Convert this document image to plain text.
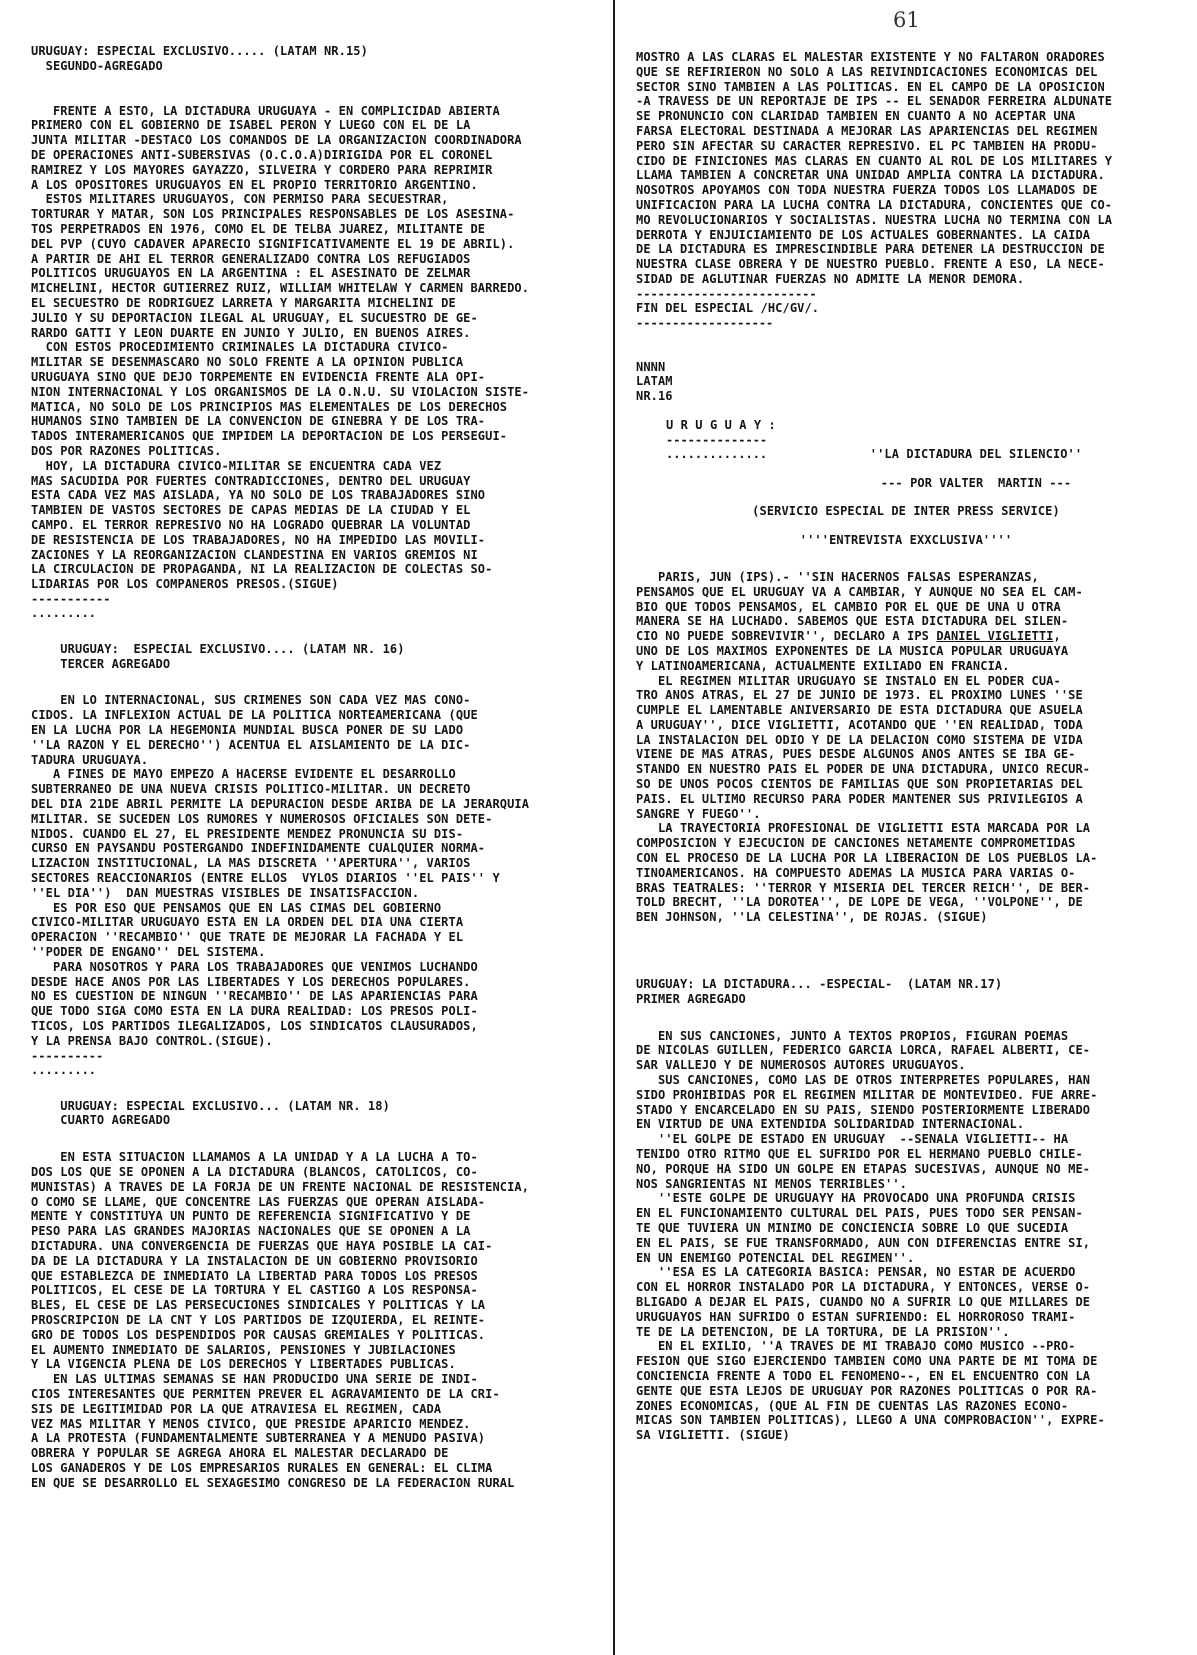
61

URUGUAY: ESPECIAL EXCLUSIVO..... (LATAM NR.15)

SEGUNDO-AGREGADO

FRENTE A ESTO, LA DICTADURA URUGUAYA - EN COMPLICIDAD ABIERTA

PRIMERO CON EL GOBIERNO DE ISABEL PERON Y LUEGO CON EL DE LA

JUNTA MILITAR -DESTACO LOS COMANDOS DE LA ORGANIZACION COORDINADORA

DE OPERACIONES ANTI-SUBERSIVAS (O.C.O.A)DIRIGIDA POR EL CORONEL

RAMIREZ Y LOS MAYORES GAYAZZO, SILVEIRA Y CORDERO PARA REPRIMIR

A LOS OPOSITORES URUGUAYOS EN EL PROPIO TERRITORIO ARGENTINO.

ESTOS MILITARES URUGUAYOS, CON PERMISO PARA SECUESTRAR,

TORTURAR Y MATAR, SON LOS PRINCIPALES RESPONSABLES DE LOS ASESINA-

TOS PERPETRADOS EN 1976, COMO EL DE TELBA JUAREZ, MILITANTE DE

DEL PVP (CUYO CADAVER APARECIO SIGNIFICATIVAMENTE EL 19 DE ABRIL).

A PARTIR DE AHI EL TERROR GENERALIZADO CONTRA LOS REFUGIADOS

POLITICOS URUGUAYOS EN LA ARGENTINA : EL ASESINATO DE ZELMAR

MICHELINI, HECTOR GUTIERREZ RUIZ, WILLIAM WHITELAW Y CARMEN BARREDO.

EL SECUESTRO DE RODRIGUEZ LARRETA Y MARGARITA MICHELINI DE

JULIO Y SU DEPORTACION ILEGAL AL URUGUAY, EL SUCUESTRO DE GE-

RARDO GATTI Y LEON DUARTE EN JUNIO Y JULIO, EN BUENOS AIRES.

CON ESTOS PROCEDIMIENTO CRIMINALES LA DICTADURA CIVICO-

MILITAR SE DESENMASCARO NO SOLO FRENTE A LA OPINION PUBLICA

URUGUAYA SINO QUE DEJO TORPEMENTE EN EVIDENCIA FRENTE ALA OPI-

NION INTERNACIONAL Y LOS ORGANISMOS DE LA O.N.U. SU VIOLACION SISTE-

MATICA, NO SOLO DE LOS PRINCIPIOS MAS ELEMENTALES DE LOS DERECHOS

HUMANOS SINO TAMBIEN DE LA CONVENCION DE GINEBRA Y DE LOS TRA-

TADOS INTERAMERICANOS QUE IMPIDEM LA DEPORTACION DE LOS PERSEGUI-

DOS POR RAZONES POLITICAS.

HOY, LA DICTADURA CIVICO-MILITAR SE ENCUENTRA CADA VEZ

MAS SACUDIDA POR FUERTES CONTRADICCIONES, DENTRO DEL URUGUAY

ESTA CADA VEZ MAS AISLADA, YA NO SOLO DE LOS TRABAJADORES SINO

TAMBIEN DE VASTOS SECTORES DE CAPAS MEDIAS DE LA CIUDAD Y EL

CAMPO. EL TERROR REPRESIVO NO HA LOGRADO QUEBRAR LA VOLUNTAD

DE RESISTENCIA DE LOS TRABAJADORES, NO HA IMPEDIDO LAS MOVILI-

ZACIONES Y LA REORGANIZACION CLANDESTINA EN VARIOS GREMIOS NI

LA CIRCULACION DE PROPAGANDA, NI LA REALIZACION DE COLECTAS SO-

LIDARIAS POR LOS COMPANEROS PRESOS.(SIGUE)

-----------
.........

URUGUAY:  ESPECIAL EXCLUSIVO.... (LATAM NR. 16)

TERCER AGREGADO

EN LO INTERNACIONAL, SUS CRIMENES SON CADA VEZ MAS CONO-

CIDOS. LA INFLEXION ACTUAL DE LA POLITICA NORTEAMERICANA (QUE

EN LA LUCHA POR LA HEGEMONIA MUNDIAL BUSCA PONER DE SU LADO

''LA RAZON Y EL DERECHO'') ACENTUA EL AISLAMIENTO DE LA DIC-

TADURA URUGUAYA.

A FINES DE MAYO EMPEZO A HACERSE EVIDENTE EL DESARROLLO

SUBTERRANEO DE UNA NUEVA CRISIS POLITICO-MILITAR. UN DECRETO

DEL DIA 21DE ABRIL PERMITE LA DEPURACION DESDE ARIBA DE LA JERARQUIA

MILITAR. SE SUCEDEN LOS RUMORES Y NUMEROSOS OFICIALES SON DETE-

NIDOS. CUANDO EL 27, EL PRESIDENTE MENDEZ PRONUNCIA SU DIS-

CURSO EN PAYSANDU POSTERGANDO INDEFINIDAMENTE CUALQUIER NORMA-

LIZACION INSTITUCIONAL, LA MAS DISCRETA ''APERTURA'', VARIOS

SECTORES REACCIONARIOS (ENTRE ELLOS  VYLOS DIARIOS ''EL PAIS'' Y

''EL DIA'')  DAN MUESTRAS VISIBLES DE INSATISFACCION.

ES POR ESO QUE PENSAMOS QUE EN LAS CIMAS DEL GOBIERNO

CIVICO-MILITAR URUGUAYO ESTA EN LA ORDEN DEL DIA UNA CIERTA

OPERACION ''RECAMBIO'' QUE TRATE DE MEJORAR LA FACHADA Y EL

''PODER DE ENGANO'' DEL SISTEMA.

PARA NOSOTROS Y PARA LOS TRABAJADORES QUE VENIMOS LUCHANDO

DESDE HACE ANOS POR LAS LIBERTADES Y LOS DERECHOS POPULARES.

NO ES CUESTION DE NINGUN ''RECAMBIO'' DE LAS APARIENCIAS PARA

QUE TODO SIGA COMO ESTA EN LA DURA REALIDAD: LOS PRESOS POLI-

TICOS, LOS PARTIDOS ILEGALIZADOS, LOS SINDICATOS CLAUSURADOS,

Y LA PRENSA BAJO CONTROL.(SIGUE).

----------
.........

URUGUAY: ESPECIAL EXCLUSIVO... (LATAM NR. 18)

CUARTO AGREGADO

EN ESTA SITUACION LLAMAMOS A LA UNIDAD Y A LA LUCHA A TO-

DOS LOS QUE SE OPONEN A LA DICTADURA (BLANCOS, CATOLICOS, CO-

MUNISTAS) A TRAVES DE LA FORJA DE UN FRENTE NACIONAL DE RESISTENCIA,

O COMO SE LLAME, QUE CONCENTRE LAS FUERZAS QUE OPERAN AISLADA-

MENTE Y CONSTITUYA UN PUNTO DE REFERENCIA SIGNIFICATIVO Y DE

PESO PARA LAS GRANDES MAJORIAS NACIONALES QUE SE OPONEN A LA

DICTADURA. UNA CONVERGENCIA DE FUERZAS QUE HAYA POSIBLE LA CAI-

DA DE LA DICTADURA Y LA INSTALACION DE UN GOBIERNO PROVISORIO

QUE ESTABLEZCA DE INMEDIATO LA LIBERTAD PARA TODOS LOS PRESOS

POLITICOS, EL CESE DE LA TORTURA Y EL CASTIGO A LOS RESPONSA-

BLES, EL CESE DE LAS PERSECUCIONES SINDICALES Y POLITICAS Y LA

PROSCRIPCION DE LA CNT Y LOS PARTIDOS DE IZQUIERDA, EL REINTE-

GRO DE TODOS LOS DESPENDIDOS POR CAUSAS GREMIALES Y POLITICAS.

EL AUMENTO INMEDIATO DE SALARIOS, PENSIONES Y JUBILACIONES

Y LA VIGENCIA PLENA DE LOS DERECHOS Y LIBERTADES PUBLICAS.

EN LAS ULTIMAS SEMANAS SE HAN PRODUCIDO UNA SERIE DE INDI-

CIOS INTERESANTES QUE PERMITEN PREVER EL AGRAVAMIENTO DE LA CRI-

SIS DE LEGITIMIDAD POR LA QUE ATRAVIESA EL REGIMEN, CADA

VEZ MAS MILITAR Y MENOS CIVICO, QUE PRESIDE APARICIO MENDEZ.

A LA PROTESTA (FUNDAMENTALMENTE SUBTERRANEA Y A MENUDO PASIVA)

OBRERA Y POPULAR SE AGREGA AHORA EL MALESTAR DECLARADO DE

LOS GANADEROS Y DE LOS EMPRESARIOS RURALES EN GENERAL: EL CLIMA

EN QUE SE DESARROLLO EL SEXAGESIMO CONGRESO DE LA FEDERACION RURAL

MOSTRO A LAS CLARAS EL MALESTAR EXISTENTE Y NO FALTARON ORADORES

QUE SE REFIRIERON NO SOLO A LAS REIVINDICACIONES ECONOMICAS DEL

SECTOR SINO TAMBIEN A LAS POLITICAS. EN EL CAMPO DE LA OPOSICION

-A TRAVESS DE UN REPORTAJE DE IPS -- EL SENADOR FERREIRA ALDUNATE

SE PRONUNCIO CON CLARIDAD TAMBIEN EN CUANTO A NO ACEPTAR UNA

FARSA ELECTORAL DESTINADA A MEJORAR LAS APARIENCIAS DEL REGIMEN

PERO SIN AFECTAR SU CARACTER REPRESIVO. EL PC TAMBIEN HA PRODU-

CIDO DE FINICIONES MAS CLARAS EN CUANTO AL ROL DE LOS MILITARES Y

LLAMA TAMBIEN A CONCRETAR UNA UNIDAD AMPLIA CONTRA LA DICTADURA.

NOSOTROS APOYAMOS CON TODA NUESTRA FUERZA TODOS LOS LLAMADOS DE

UNIFICACION PARA LA LUCHA CONTRA LA DICTADURA, CONCIENTES QUE CO-

MO REVOLUCIONARIOS Y SOCIALISTAS. NUESTRA LUCHA NO TERMINA CON LA

DERROTA Y ENJUICIAMIENTO DE LOS ACTUALES GOBERNANTES. LA CAIDA

DE LA DICTADURA ES IMPRESCINDIBLE PARA DETENER LA DESTRUCCION DE

NUESTRA CLASE OBRERA Y DE NUESTRO PUEBLO. FRENTE A ESO, LA NECE-

SIDAD DE AGLUTINAR FUERZAS NO ADMITE LA MENOR DEMORA.

-------------------------

FIN DEL ESPECIAL /HC/GV/.

-------------------

NNNN

LATAM

NR.16

U R U G U A Y :

--------------
..............	''LA DICTADURA DEL SILENCIO''

--- POR VALTER  MARTIN ---

(SERVICIO ESPECIAL DE INTER PRESS SERVICE)

''''ENTREVISTA EXXCLUSIVA''''

PARIS, JUN (IPS).- ''SIN HACERNOS FALSAS ESPERANZAS,

PENSAMOS QUE EL URUGUAY VA A CAMBIAR, Y AUNQUE NO SEA EL CAM-

BIO QUE TODOS PENSAMOS, EL CAMBIO POR EL QUE DE UNA U OTRA

MANERA SE HA LUCHADO. SABEMOS QUE ESTA DICTADURA DEL SILEN-

CIO NO PUEDE SOBREVIVIR'', DECLARO A IPS DANIEL VIGLIETTI,

UNO DE LOS MAXIMOS EXPONENTES DE LA MUSICA POPULAR URUGUAYA

Y LATINOAMERICANA, ACTUALMENTE EXILIADO EN FRANCIA.

EL REGIMEN MILITAR URUGUAYO SE INSTALO EN EL PODER CUA-

TRO ANOS ATRAS, EL 27 DE JUNIO DE 1973. EL PROXIMO LUNES ''SE

CUMPLE EL LAMENTABLE ANIVERSARIO DE ESTA DICTADURA QUE ASUELA

A URUGUAY'', DICE VIGLIETTI, ACOTANDO QUE ''EN REALIDAD, TODA

LA INSTALACION DEL ODIO Y DE LA DELACION COMO SISTEMA DE VIDA

VIENE DE MAS ATRAS, PUES DESDE ALGUNOS ANOS ANTES SE IBA GE-

STANDO EN NUESTRO PAIS EL PODER DE UNA DICTADURA, UNICO RECUR-

SO DE UNOS POCOS CIENTOS DE FAMILIAS QUE SON PROPIETARIAS DEL

PAIS. EL ULTIMO RECURSO PARA PODER MANTENER SUS PRIVILEGIOS A

SANGRE Y FUEGO''.

LA TRAYECTORIA PROFESIONAL DE VIGLIETTI ESTA MARCADA POR LA

COMPOSICION Y EJECUCION DE CANCIONES NETAMENTE COMPROMETIDAS

CON EL PROCESO DE LA LUCHA POR LA LIBERACION DE LOS PUEBLOS LA-

TINOAMERICANOS. HA COMPUESTO ADEMAS LA MUSICA PARA VARIAS O-

BRAS TEATRALES: ''TERROR Y MISERIA DEL TERCER REICH'', DE BER-

TOLD BRECHT, ''LA DOROTEA'', DE LOPE DE VEGA, ''VOLPONE'', DE

BEN JOHNSON, ''LA CELESTINA'', DE ROJAS. (SIGUE)

URUGUAY: LA DICTADURA... -ESPECIAL-  (LATAM NR.17)

PRIMER AGREGADO

EN SUS CANCIONES, JUNTO A TEXTOS PROPIOS, FIGURAN POEMAS

DE NICOLAS GUILLEN, FEDERICO GARCIA LORCA, RAFAEL ALBERTI, CE-

SAR VALLEJO Y DE NUMEROSOS AUTORES URUGUAYOS.

SUS CANCIONES, COMO LAS DE OTROS INTERPRETES POPULARES, HAN

SIDO PROHIBIDAS POR EL REGIMEN MILITAR DE MONTEVIDEO. FUE ARRE-

STADO Y ENCARCELADO EN SU PAIS, SIENDO POSTERIORMENTE LIBERADO

EN VIRTUD DE UNA EXTENDIDA SOLIDARIDAD INTERNACIONAL.

''EL GOLPE DE ESTADO EN URUGUAY  --SENALA VIGLIETTI-- HA

TENIDO OTRO RITMO QUE EL SUFRIDO POR EL HERMANO PUEBLO CHILE-

NO, PORQUE HA SIDO UN GOLPE EN ETAPAS SUCESIVAS, AUNQUE NO ME-

NOS SANGRIENTAS NI MENOS TERRIBLES''.

''ESTE GOLPE DE URUGUAYY HA PROVOCADO UNA PROFUNDA CRISIS

EN EL FUNCIONAMIENTO CULTURAL DEL PAIS, PUES TODO SER PENSAN-

TE QUE TUVIERA UN MINIMO DE CONCIENCIA SOBRE LO QUE SUCEDIA

EN EL PAIS, SE FUE TRANSFORMADO, AUN CON DIFERENCIAS ENTRE SI,

EN UN ENEMIGO POTENCIAL DEL REGIMEN''.

''ESA ES LA CATEGORIA BASICA: PENSAR, NO ESTAR DE ACUERDO

CON EL HORROR INSTALADO POR LA DICTADURA, Y ENTONCES, VERSE O-

BLIGADO A DEJAR EL PAIS, CUANDO NO A SUFRIR LO QUE MILLARES DE

URUGUAYOS HAN SUFRIDO O ESTAN SUFRIENDO: EL HORROROSO TRAMI-

TE DE LA DETENCION, DE LA TORTURA, DE LA PRISION''.

EN EL EXILIO, ''A TRAVES DE MI TRABAJO COMO MUSICO --PRO-

FESION QUE SIGO EJERCIENDO TAMBIEN COMO UNA PARTE DE MI TOMA DE

CONCIENCIA FRENTE A TODO EL FENOMENO--, EN EL ENCUENTRO CON LA

GENTE QUE ESTA LEJOS DE URUGUAY POR RAZONES POLITICAS O POR RA-

ZONES ECONOMICAS, (QUE AL FIN DE CUENTAS LAS RAZONES ECONO-

MICAS SON TAMBIEN POLITICAS), LLEGO A UNA COMPROBACION'', EXPRE-

SA VIGLIETTI. (SIGUE)
